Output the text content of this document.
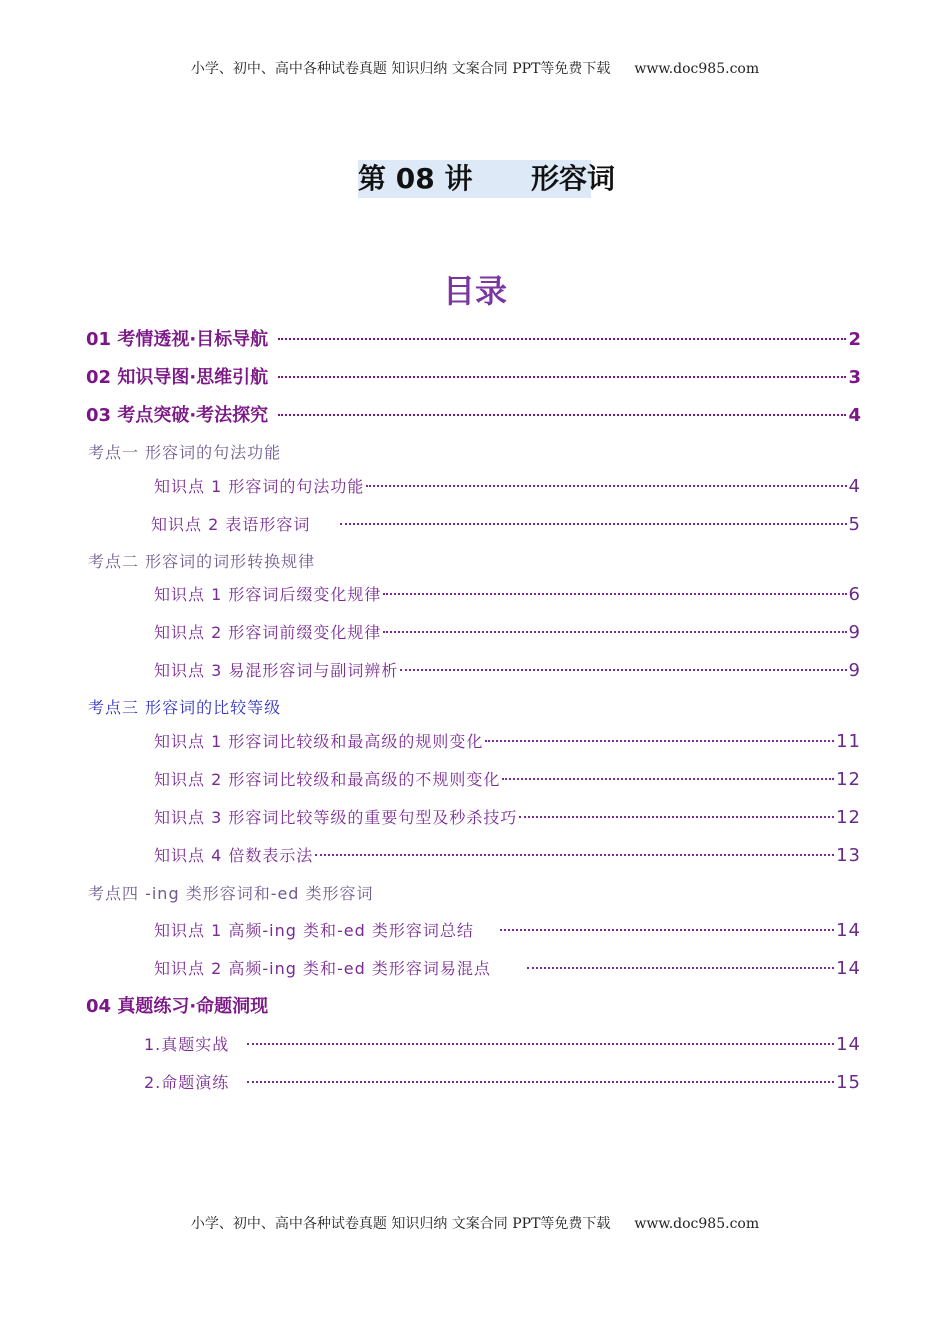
小学、初中、高中各种试卷真题 知识归纳 文案合同 PPT等免费下载 www.doc985.com
第 08 讲      形容词
目录
01 考情透视·目标导航	2
02 知识导图·思维引航	3
03 考点突破·考法探究	4
考点一 形容词的句法功能
知识点 1 形容词的句法功能	4
知识点 2 表语形容词	5
考点二 形容词的词形转换规律
知识点 1 形容词后缀变化规律	6
知识点 2 形容词前缀变化规律	9
知识点 3 易混形容词与副词辨析	9
考点三 形容词的比较等级
知识点 1 形容词比较级和最高级的规则变化	11
知识点 2 形容词比较级和最高级的不规则变化	12
知识点 3 形容词比较等级的重要句型及秒杀技巧	12
知识点 4 倍数表示法	13
考点四 -ing 类形容词和-ed 类形容词
知识点 1 高频-ing 类和-ed 类形容词总结	14
知识点 2 高频-ing 类和-ed 类形容词易混点	14
04 真题练习·命题洞现
1.真题实战	14
2.命题演练	15
小学、初中、高中各种试卷真题 知识归纳 文案合同 PPT等免费下载 www.doc985.com
